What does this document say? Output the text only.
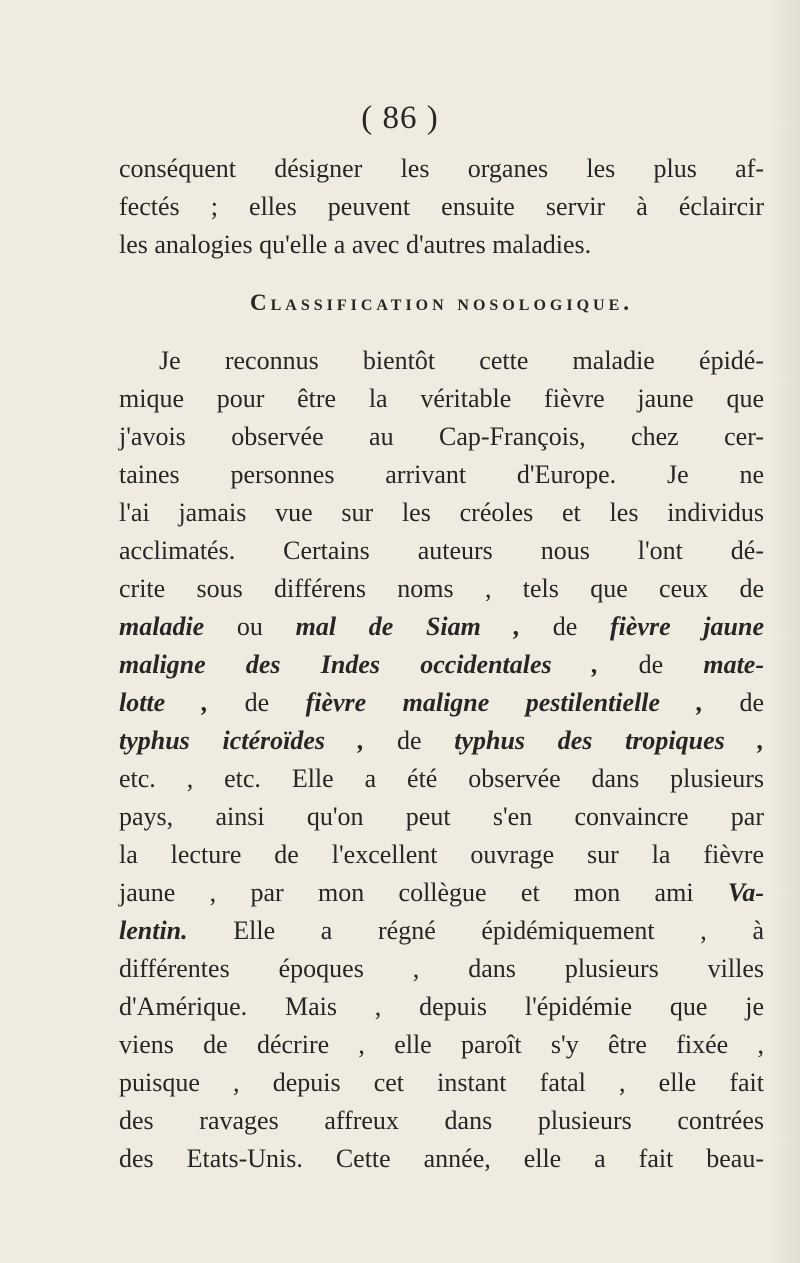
( 86 )
conséquent désigner les organes les plus af-
fectés ; elles peuvent ensuite servir à éclaircir
les analogies qu'elle a avec d'autres maladies.
Classification nosologique.
Je reconnus bientôt cette maladie épidé-
mique pour être la véritable fièvre jaune que
j'avois observée au Cap-François, chez cer-
taines personnes arrivant d'Europe. Je ne
l'ai jamais vue sur les créoles et les individus
acclimatés. Certains auteurs nous l'ont dé-
crite sous différens noms , tels que ceux de
maladie ou mal de Siam , de fièvre jaune
maligne des Indes occidentales , de mate-
lotte , de fièvre maligne pestilentielle , de
typhus ictéroïdes , de typhus des tropiques ,
etc. , etc. Elle a été observée dans plusieurs
pays, ainsi qu'on peut s'en convaincre par
la lecture de l'excellent ouvrage sur la fièvre
jaune , par mon collègue et mon ami Va-
lentin. Elle a régné épidémiquement , à
différentes époques , dans plusieurs villes
d'Amérique. Mais , depuis l'épidémie que je
viens de décrire , elle paroît s'y être fixée ,
puisque , depuis cet instant fatal , elle fait
des ravages affreux dans plusieurs contrées
des Etats-Unis. Cette année, elle a fait beau-
